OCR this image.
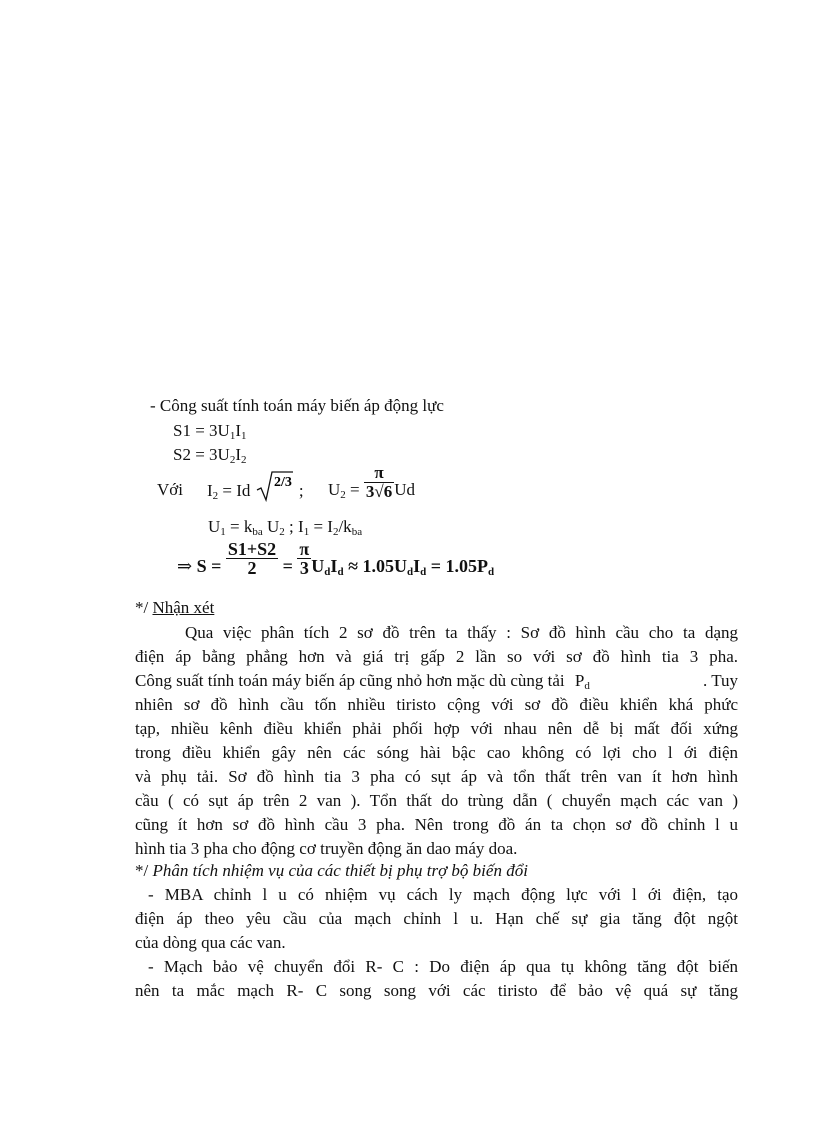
- Công suất tính toán máy biến áp động lực
$S1 = 3U_1I_1$
$S2 = 3U_2I_2$
Với $I_2 = Id$ 2/3 ; $U_2 = \frac{\pi}{3√6}$ Ud
$U_1 = k_{ba}$ $U_2$ ; $I_1 = I_2/k_{ba}$
⇒ $S = \frac{S1+S2}{2} = \frac{\pi}{3} U_dI_d \approx 1.05U_dI_d = 1.05P_d$
*/ Nhận xét
Qua việc phân tích 2 sơ đồ trên ta thấy : Sơ đồ hình cầu cho ta dạng
điện áp bằng phẳng hơn và giá trị gấp 2 lần so với sơ đồ hình tia 3 pha.
Công suất tính toán máy biến áp cũng nhỏ hơn mặc dù cùng tải $P_d$	. Tuy
nhiên sơ đồ hình cầu tốn nhiều tiristo cộng với sơ đồ điều khiển khá phức
tạp, nhiều kênh điều khiển phải phối hợp với nhau nên dễ bị mất đối xứng
trong điều khiển gây nên các sóng hài bậc cao không có lợi cho l ới điện
và phụ tải. Sơ đồ hình tia 3 pha có sụt áp và tổn thất trên van ít hơn hình
cầu ( có sụt áp trên 2 van ). Tổn thất do trùng dẫn ( chuyển mạch các van )
cũng ít hơn sơ đồ hình cầu 3 pha. Nên trong đồ án ta chọn sơ đồ chỉnh l u
hình tia 3 pha cho động cơ truyền động ăn dao máy doa.
*/ Phân tích nhiệm vụ của các thiết bị phụ trợ bộ biến đổi
- MBA chỉnh l u có nhiệm vụ cách ly mạch động lực với l ới điện, tạo
điện áp theo yêu cầu của mạch chỉnh l u. Hạn chế sự gia tăng đột ngột
của dòng qua các van.
- Mạch bảo vệ chuyển đổi R- C : Do điện áp qua tụ không tăng đột biến
nên ta mắc mạch R- C song song với các tiristo để bảo vệ quá sự tăng
